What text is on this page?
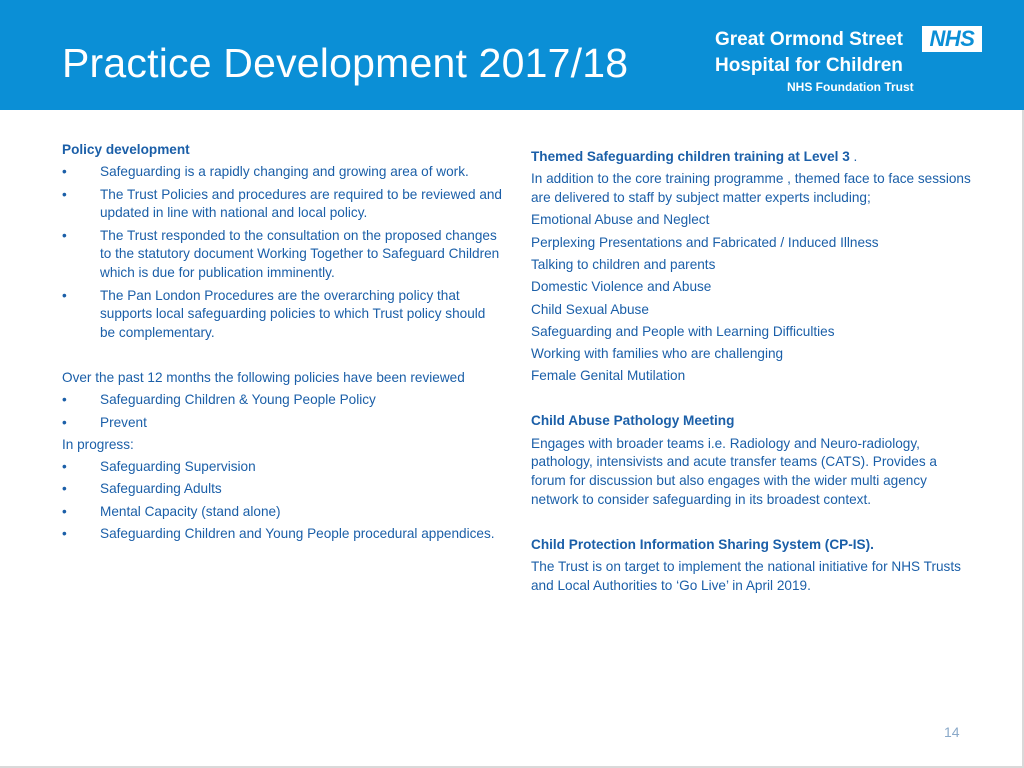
Practice Development 2017/18
Great Ormond Street
Hospital for Children
NHS Foundation Trust
NHS
Policy development
• Safeguarding is a rapidly changing and growing area of work.
• The Trust Policies and procedures are required to be reviewed and updated in line with national and local policy.
• The Trust responded to the consultation on the proposed changes to the statutory document Working Together to Safeguard Children which is due for publication imminently.
• The Pan London Procedures are the overarching policy that supports local safeguarding policies to which Trust policy should be complementary.
Over the past 12 months the following policies have been reviewed
• Safeguarding Children & Young People Policy
• Prevent
In progress:
• Safeguarding Supervision
• Safeguarding Adults
• Mental Capacity (stand alone)
• Safeguarding Children and Young People procedural appendices.
Themed Safeguarding children training at Level 3 .
In addition to the core training programme , themed face to face sessions are delivered to staff by subject matter experts including;
Emotional Abuse and Neglect
Perplexing Presentations and Fabricated / Induced Illness
Talking to children and parents
Domestic Violence and Abuse
Child Sexual Abuse
Safeguarding and People with Learning Difficulties
Working with families who are challenging
Female Genital Mutilation
Child Abuse Pathology Meeting
Engages with broader teams i.e. Radiology and Neuro-radiology, pathology, intensivists and acute transfer teams (CATS). Provides a forum for discussion but also engages with the wider multi agency network to consider safeguarding in its broadest context.
Child Protection Information Sharing System (CP-IS).
The Trust is on target to implement the national initiative for NHS Trusts and Local Authorities to ‘Go Live’ in April 2019.
14
